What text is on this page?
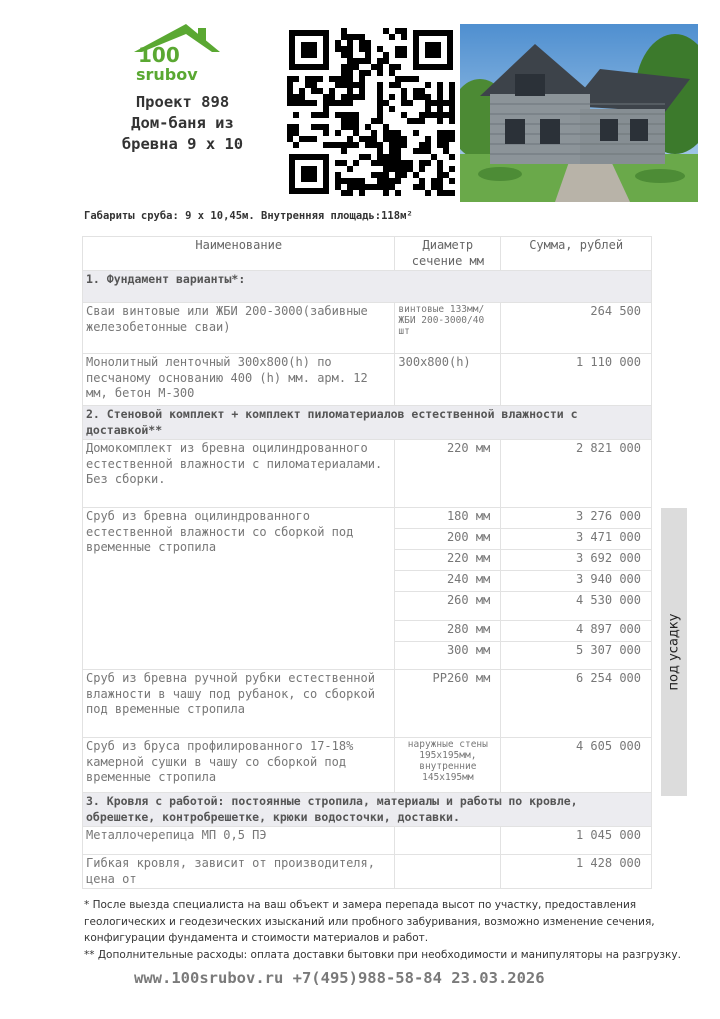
100
srubov
Проект 898
Дом-баня из
бревна 9 х 10
Габариты сруба: 9 х 10,45м. Внутренняя площадь:118м²
Наименование	Диаметр сечение мм	Сумма, рублей
1. Фундамент варианты*:		
Сваи винтовые или ЖБИ 200-3000(забивные железобетонные сваи)	винтовые 133мм/ЖБИ 200-3000/40 шт	264 500
Монолитный ленточный 300х800(h) по песчаному основанию 400 (h) мм. арм. 12 мм, бетон М-300	300х800(h)	1 110 000
2. Стеновой комплект + комплект пиломатериалов естественной влажности с доставкой**		
Домокомплект из бревна оцилиндрованного естественной влажности с пиломатериалами. Без сборки.	220 мм	2 821 000
Сруб из бревна оцилиндрованного естественной влажности со сборкой под временные стропила	180 мм	3 276 000
	200 мм	3 471 000
	220 мм	3 692 000
	240 мм	3 940 000
	260 мм	4 530 000
	280 мм	4 897 000
	300 мм	5 307 000
Сруб из бревна ручной рубки естественной влажности в чашу под рубанок, со сборкой под временные стропила	РР260 мм	6 254 000
Сруб из бруса профилированного 17-18% камерной сушки в чашу со сборкой под временные стропила	наружные стены 195х195мм, внутренние 145х195мм	4 605 000
3. Кровля с работой: постоянные стропила, материалы и работы по кровле, обрешетке, контробрешетке, крюки водосточки, доставки.		
Металлочерепица МП 0,5 ПЭ		1 045 000
Гибкая кровля, зависит от производителя, цена от		1 428 000
под усадку

* После выезда специалиста на ваш объект и замера перепада высот по участку, предоставления геологических и геодезических изысканий или пробного забуривания, возможно изменение сечения, конфигурации фундамента и стоимости материалов и работ.

** Дополнительные расходы: оплата доставки бытовки при необходимости и манипуляторы на разгрузку.

www.100srubov.ru +7(495)988-58-84 23.03.2026
